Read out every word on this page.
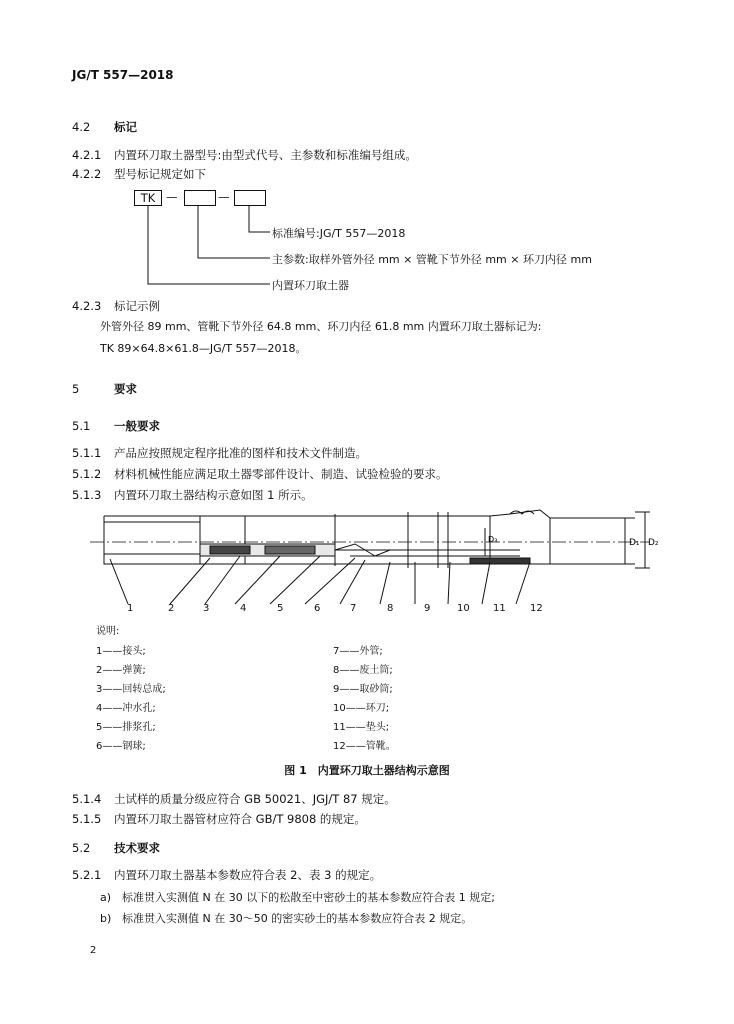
JG/T 557—2018
4.2 标记
4.2.1 内置环刀取土器型号:由型式代号、主参数和标准编号组成。
4.2.2 型号标记规定如下
TK —	—
标准编号:JG/T 557—2018
主参数:取样外管外径 mm × 管靴下节外径 mm × 环刀内径 mm
内置环刀取土器
4.2.3 标记示例
外管外径 89 mm、管靴下节外径 64.8 mm、环刀内径 61.8 mm 内置环刀取土器标记为:
TK 89×64.8×61.8—JG/T 557—2018。
5	要求
5.1 一般要求
5.1.1 产品应按照规定程序批准的图样和技术文件制造。
5.1.2 材料机械性能应满足取土器零部件设计、制造、试验检验的要求。
5.1.3 内置环刀取土器结构示意如图 1 所示。
D₁ D₂
D₃
1	2	3	4	5	6	7	8	9	10 11 12
说明:
1——接头;
2——弹簧;
3——回转总成;
4——冲水孔;
5——排浆孔;
6——钢球;
7——外管;
8——废土筒;
9——取砂筒;
10——环刀;
11——垫头;
12——管靴。
图 1　内置环刀取土器结构示意图
5.1.4 土试样的质量分级应符合 GB 50021、JGJ/T 87 规定。
5.1.5 内置环刀取土器管材应符合 GB/T 9808 的规定。
5.2 技术要求
5.2.1 内置环刀取土器基本参数应符合表 2、表 3 的规定。
a) 标准贯入实测值 N 在 30 以下的松散至中密砂土的基本参数应符合表 1 规定;
b) 标准贯入实测值 N 在 30～50 的密实砂土的基本参数应符合表 2 规定。
2
